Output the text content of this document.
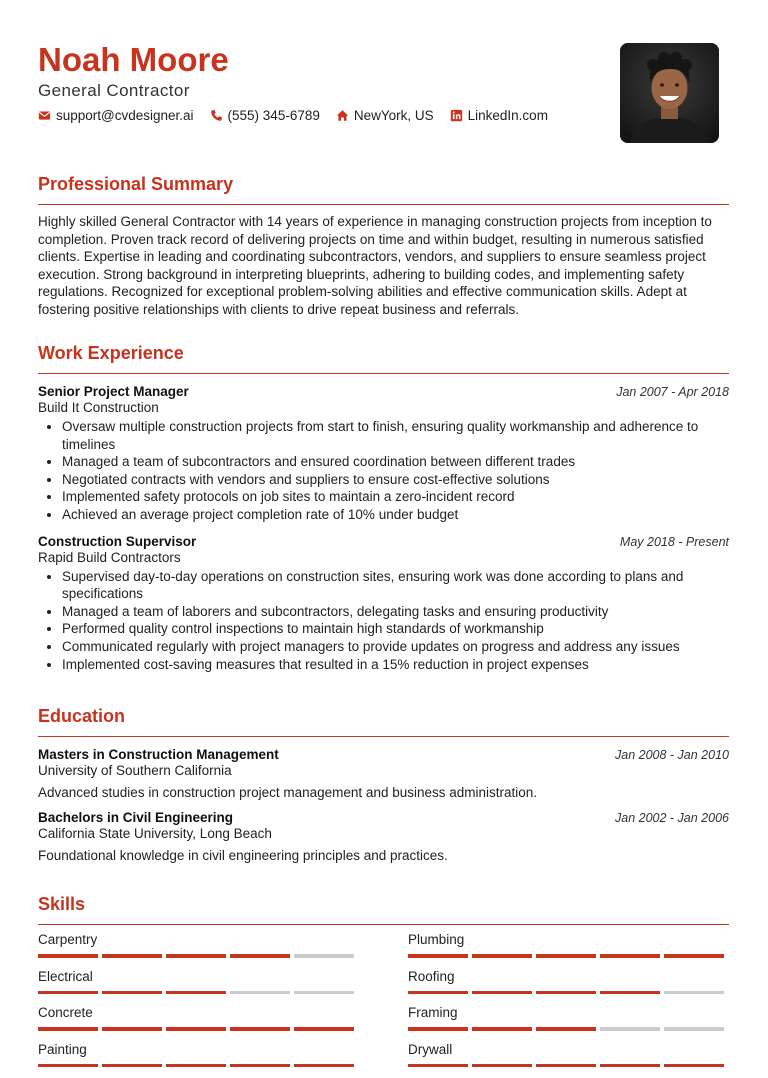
Noah Moore
General Contractor
support@cvdesigner.ai	(555) 345-6789	NewYork, US	LinkedIn.com
Professional Summary
Highly skilled General Contractor with 14 years of experience in managing construction projects from inception to completion. Proven track record of delivering projects on time and within budget, resulting in numerous satisfied clients. Expertise in leading and coordinating subcontractors, vendors, and suppliers to ensure seamless project execution. Strong background in interpreting blueprints, adhering to building codes, and implementing safety regulations. Recognized for exceptional problem-solving abilities and effective communication skills. Adept at fostering positive relationships with clients to drive repeat business and referrals.
Work Experience
Senior Project Manager	Jan 2007 - Apr 2018
Build It Construction
• Oversaw multiple construction projects from start to finish, ensuring quality workmanship and adherence to timelines
• Managed a team of subcontractors and ensured coordination between different trades
• Negotiated contracts with vendors and suppliers to ensure cost-effective solutions
• Implemented safety protocols on job sites to maintain a zero-incident record
• Achieved an average project completion rate of 10% under budget
Construction Supervisor	May 2018 - Present
Rapid Build Contractors
• Supervised day-to-day operations on construction sites, ensuring work was done according to plans and specifications
• Managed a team of laborers and subcontractors, delegating tasks and ensuring productivity
• Performed quality control inspections to maintain high standards of workmanship
• Communicated regularly with project managers to provide updates on progress and address any issues
• Implemented cost-saving measures that resulted in a 15% reduction in project expenses
Education
Masters in Construction Management	Jan 2008 - Jan 2010
University of Southern California
Advanced studies in construction project management and business administration.
Bachelors in Civil Engineering	Jan 2002 - Jan 2006
California State University, Long Beach
Foundational knowledge in civil engineering principles and practices.
Skills
Carpentry	Plumbing
Electrical	Roofing
Concrete	Framing
Painting	Drywall
